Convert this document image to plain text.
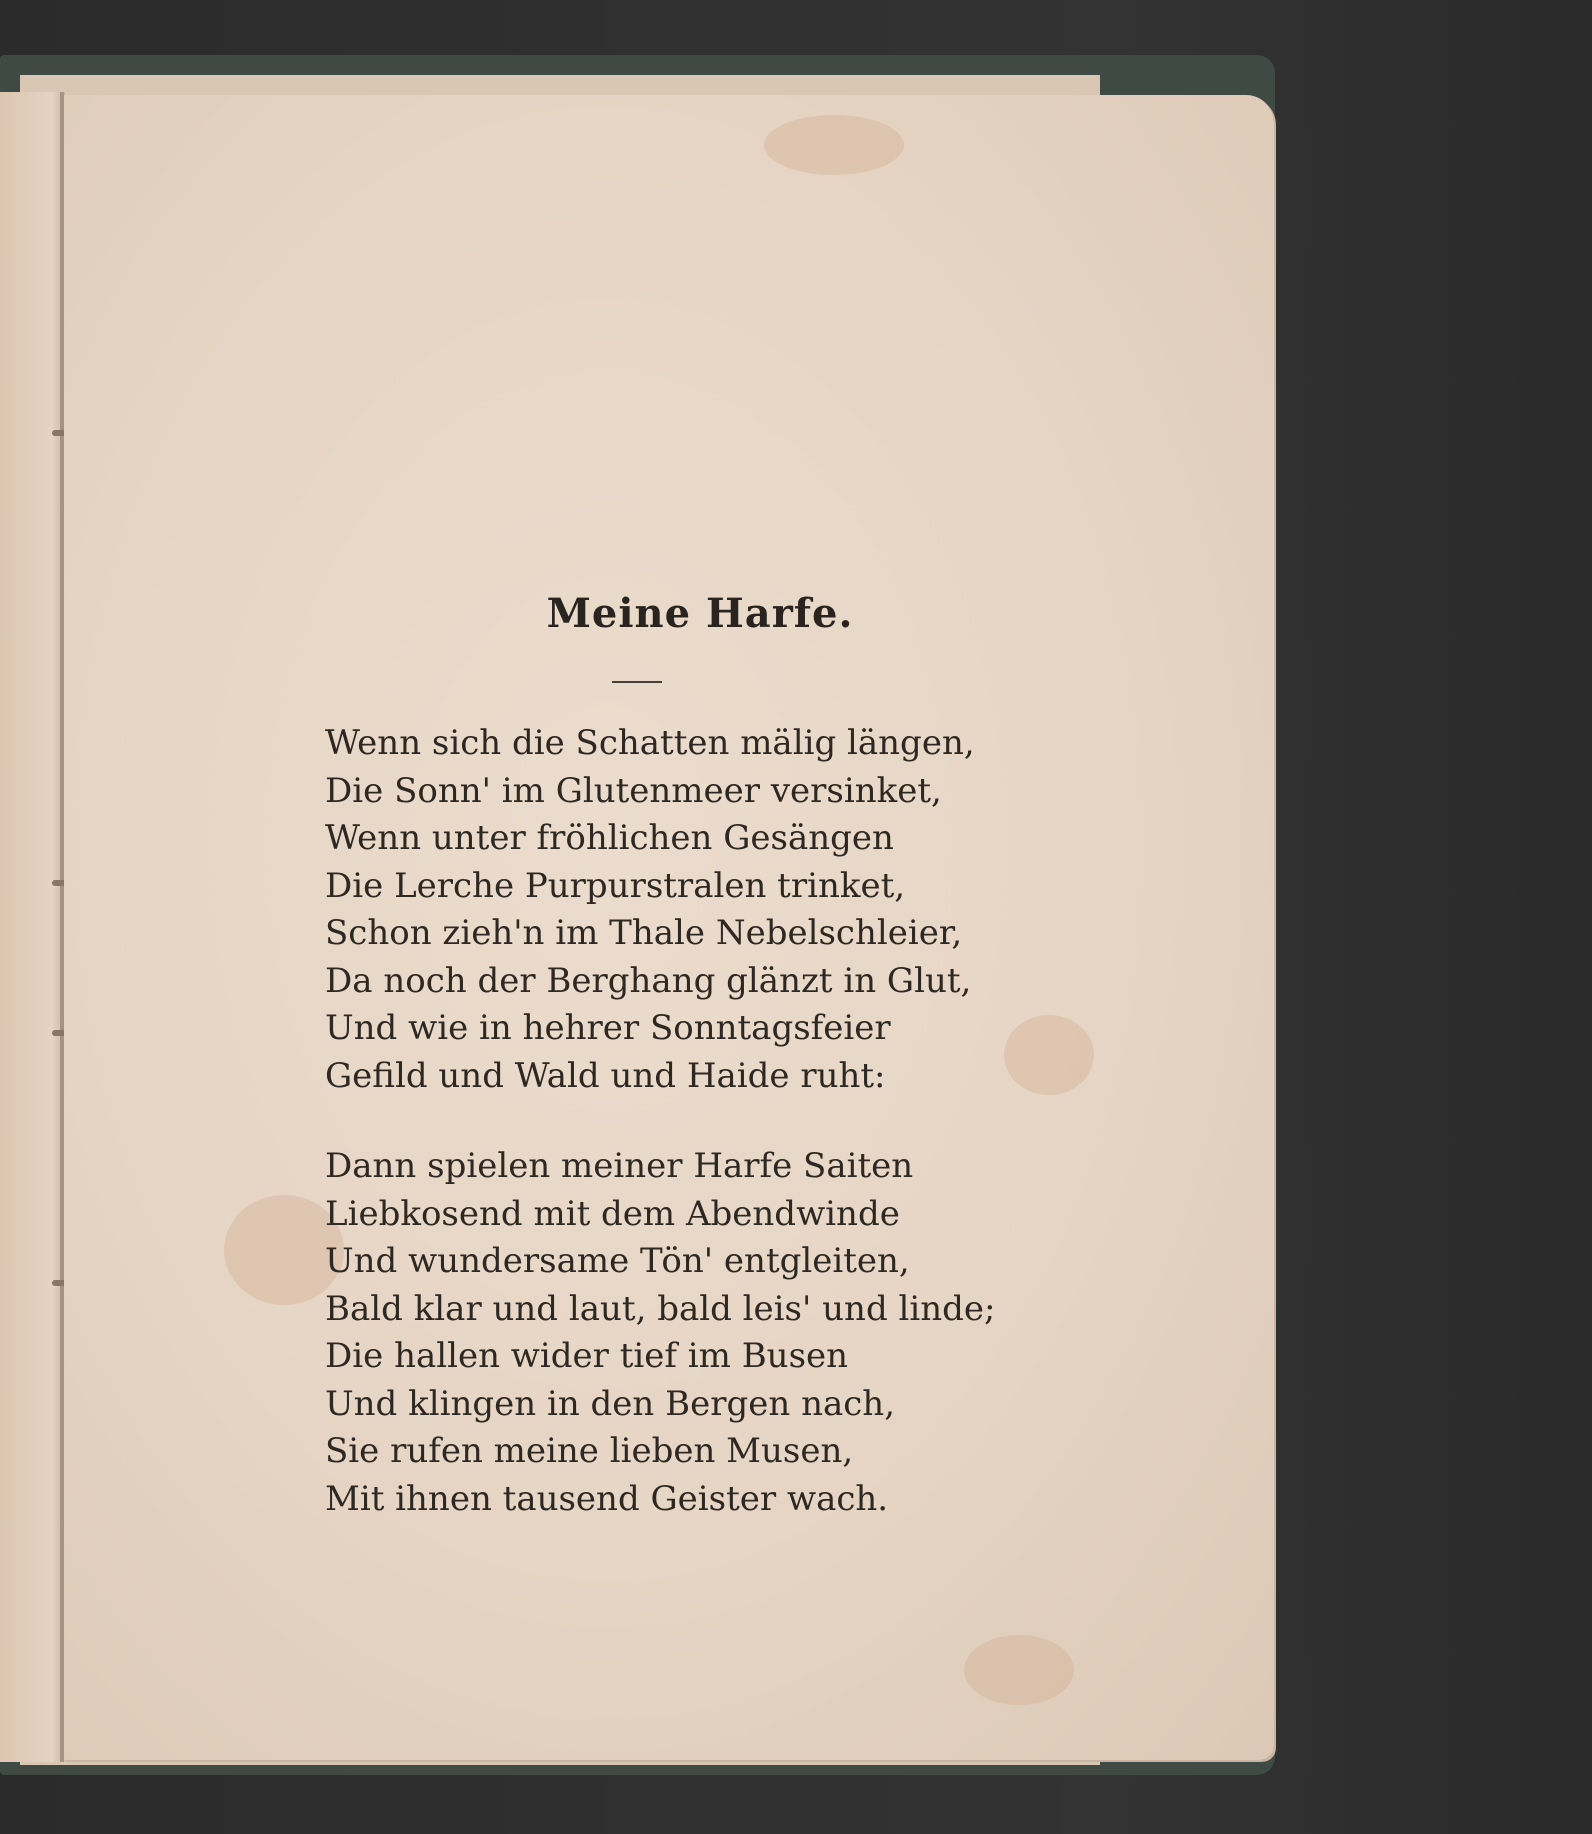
Meine Harfe.
Wenn sich die Schatten mälig längen,
Die Sonn' im Glutenmeer versinket,
Wenn unter fröhlichen Gesängen
Die Lerche Purpurstralen trinket,
Schon zieh'n im Thale Nebelschleier,
Da noch der Berghang glänzt in Glut,
Und wie in hehrer Sonntagsfeier
Gefild und Wald und Haide ruht:
Dann spielen meiner Harfe Saiten
Liebkosend mit dem Abendwinde
Und wundersame Tön' entgleiten,
Bald klar und laut, bald leis' und linde;
Die hallen wider tief im Busen
Und klingen in den Bergen nach,
Sie rufen meine lieben Musen,
Mit ihnen tausend Geister wach.
